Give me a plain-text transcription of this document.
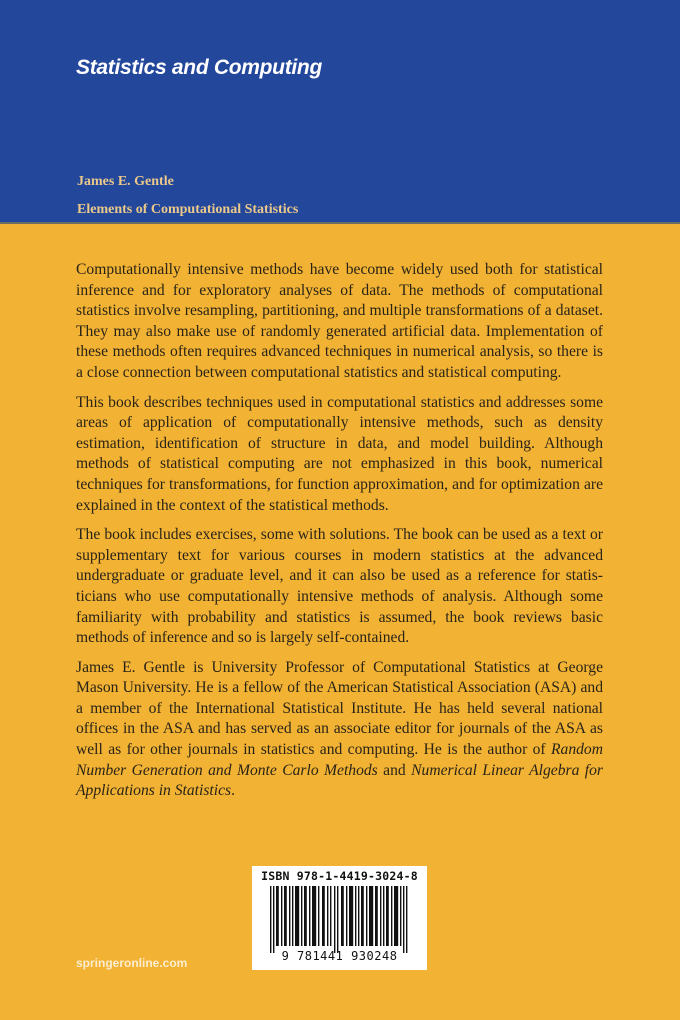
Statistics and Computing
James E. Gentle
Elements of Computational Statistics

Computationally intensive methods have become widely used both for statistical inference and for exploratory analyses of data. The methods of computational statistics involve resampling, partitioning, and multiple transformations of a dataset. They may also make use of randomly generated artificial data. Implementation of these methods often requires advanced techniques in numerical analysis, so there is a close connection between computational statistics and statistical computing.

This book describes techniques used in computational statistics and addresses some areas of application of computationally intensive methods, such as density estimation, identification of structure in data, and model building. Although methods of statistical computing are not emphasized in this book, numerical techniques for transformations, for function approximation, and for optimization are explained in the context of the statistical methods.

The book includes exercises, some with solutions. The book can be used as a text or supplementary text for various courses in modern statistics at the advanced undergraduate or graduate level, and it can also be used as a reference for statisticians who use computationally intensive methods of analysis. Although some familiarity with probability and statistics is assumed, the book reviews basic methods of inference and so is largely self-contained.

James E. Gentle is University Professor of Computational Statistics at George Mason University. He is a fellow of the American Statistical Association (ASA) and a member of the International Statistical Institute. He has held several national offices in the ASA and has served as an associate editor for journals of the ASA as well as for other journals in statistics and computing. He is the author of Random Number Generation and Monte Carlo Methods and Numerical Linear Algebra for Applications in Statistics.

springeronline.com
ISBN 978-1-4419-3024-8
9 781441 930248
